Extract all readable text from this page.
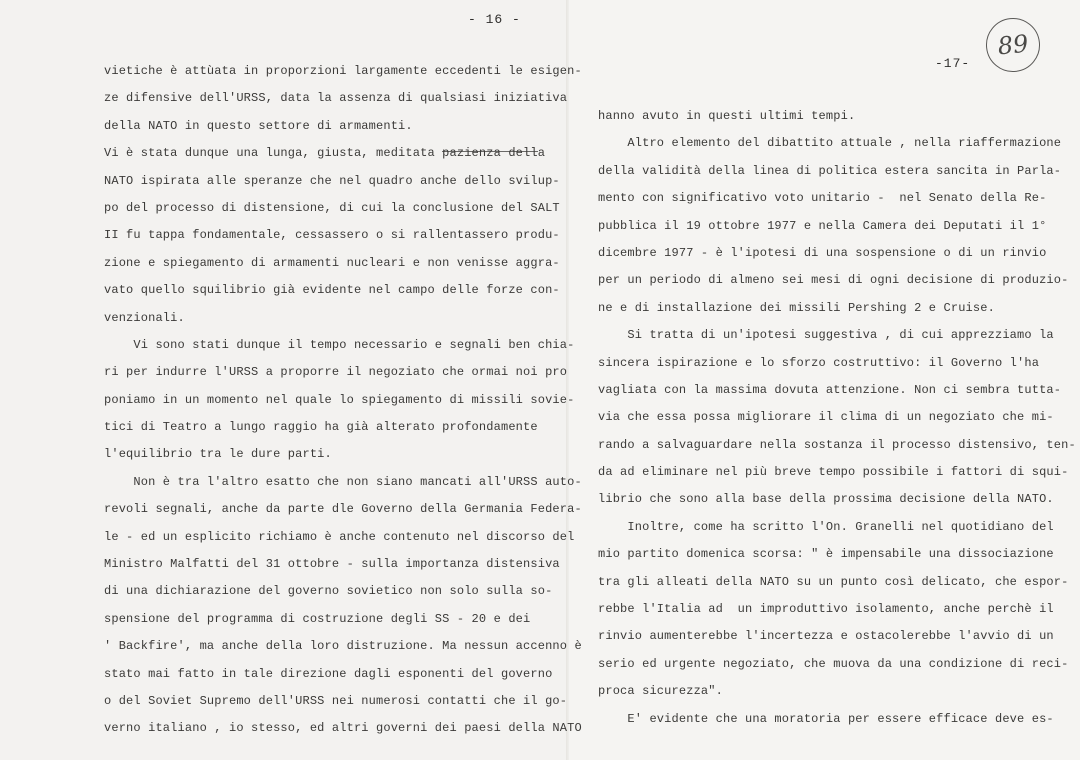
- 16 -
vietiche è attùata in proporzioni largamente eccedenti le esigen-
ze difensive dell'URSS, data la assenza di qualsiasi iniziativa
della NATO in questo settore di armamenti.
Vi è stata dunque una lunga, giusta, meditata pazienza della
NATO ispirata alle speranze che nel quadro anche dello svilup-
po del processo di distensione, di cui la conclusione del SALT
II fu tappa fondamentale, cessassero o si rallentassero produ-
zione e spiegamento di armamenti nucleari e non venisse aggra-
vato quello squilibrio già evidente nel campo delle forze con-
venzionali.
Vi sono stati dunque il tempo necessario e segnali ben chia-
ri per indurre l'URSS a proporre il negoziato che ormai noi pro
poniamo in un momento nel quale lo spiegamento di missili sovie-
tici di Teatro a lungo raggio ha già alterato profondamente
l'equilibrio tra le dure parti.
Non è tra l'altro esatto che non siano mancati all'URSS auto-
revoli segnali, anche da parte dle Governo della Germania Federa-
le - ed un esplicito richiamo è anche contenuto nel discorso del
Ministro Malfatti del 31 ottobre - sulla importanza distensiva
di una dichiarazione del governo sovietico non solo sulla so-
spensione del programma di costruzione degli SS - 20 e dei
' Backfire', ma anche della loro distruzione. Ma nessun accenno è
stato mai fatto in tale direzione dagli esponenti del governo
o del Soviet Supremo dell'URSS nei numerosi contatti che il go-
verno italiano , io stesso, ed altri governi dei paesi della NATO
-17-
89
hanno avuto in questi ultimi tempi.
Altro elemento del dibattito attuale , nella riaffermazione
della validità della linea di politica estera sancita in Parla-
mento con significativo voto unitario -  nel Senato della Re-
pubblica il 19 ottobre 1977 e nella Camera dei Deputati il 1°
dicembre 1977 - è l'ipotesi di una sospensione o di un rinvio
per un periodo di almeno sei mesi di ogni decisione di produzio-
ne e di installazione dei missili Pershing 2 e Cruise.
Si tratta di un'ipotesi suggestiva , di cui apprezziamo la
sincera ispirazione e lo sforzo costruttivo: il Governo l'ha
vagliata con la massima dovuta attenzione. Non ci sembra tutta-
via che essa possa migliorare il clima di un negoziato che mi-
rando a salvaguardare nella sostanza il processo distensivo, ten-
da ad eliminare nel più breve tempo possibile i fattori di squi-
librio che sono alla base della prossima decisione della NATO.
Inoltre, come ha scritto l'On. Granelli nel quotidiano del
mio partito domenica scorsa: " è impensabile una dissociazione
tra gli alleati della NATO su un punto così delicato, che espor-
rebbe l'Italia ad  un improduttivo isolamento, anche perchè il
rinvio aumenterebbe l'incertezza e ostacolerebbe l'avvio di un
serio ed urgente negoziato, che muova da una condizione di reci-
proca sicurezza".
E' evidente che una moratoria per essere efficace deve es-
